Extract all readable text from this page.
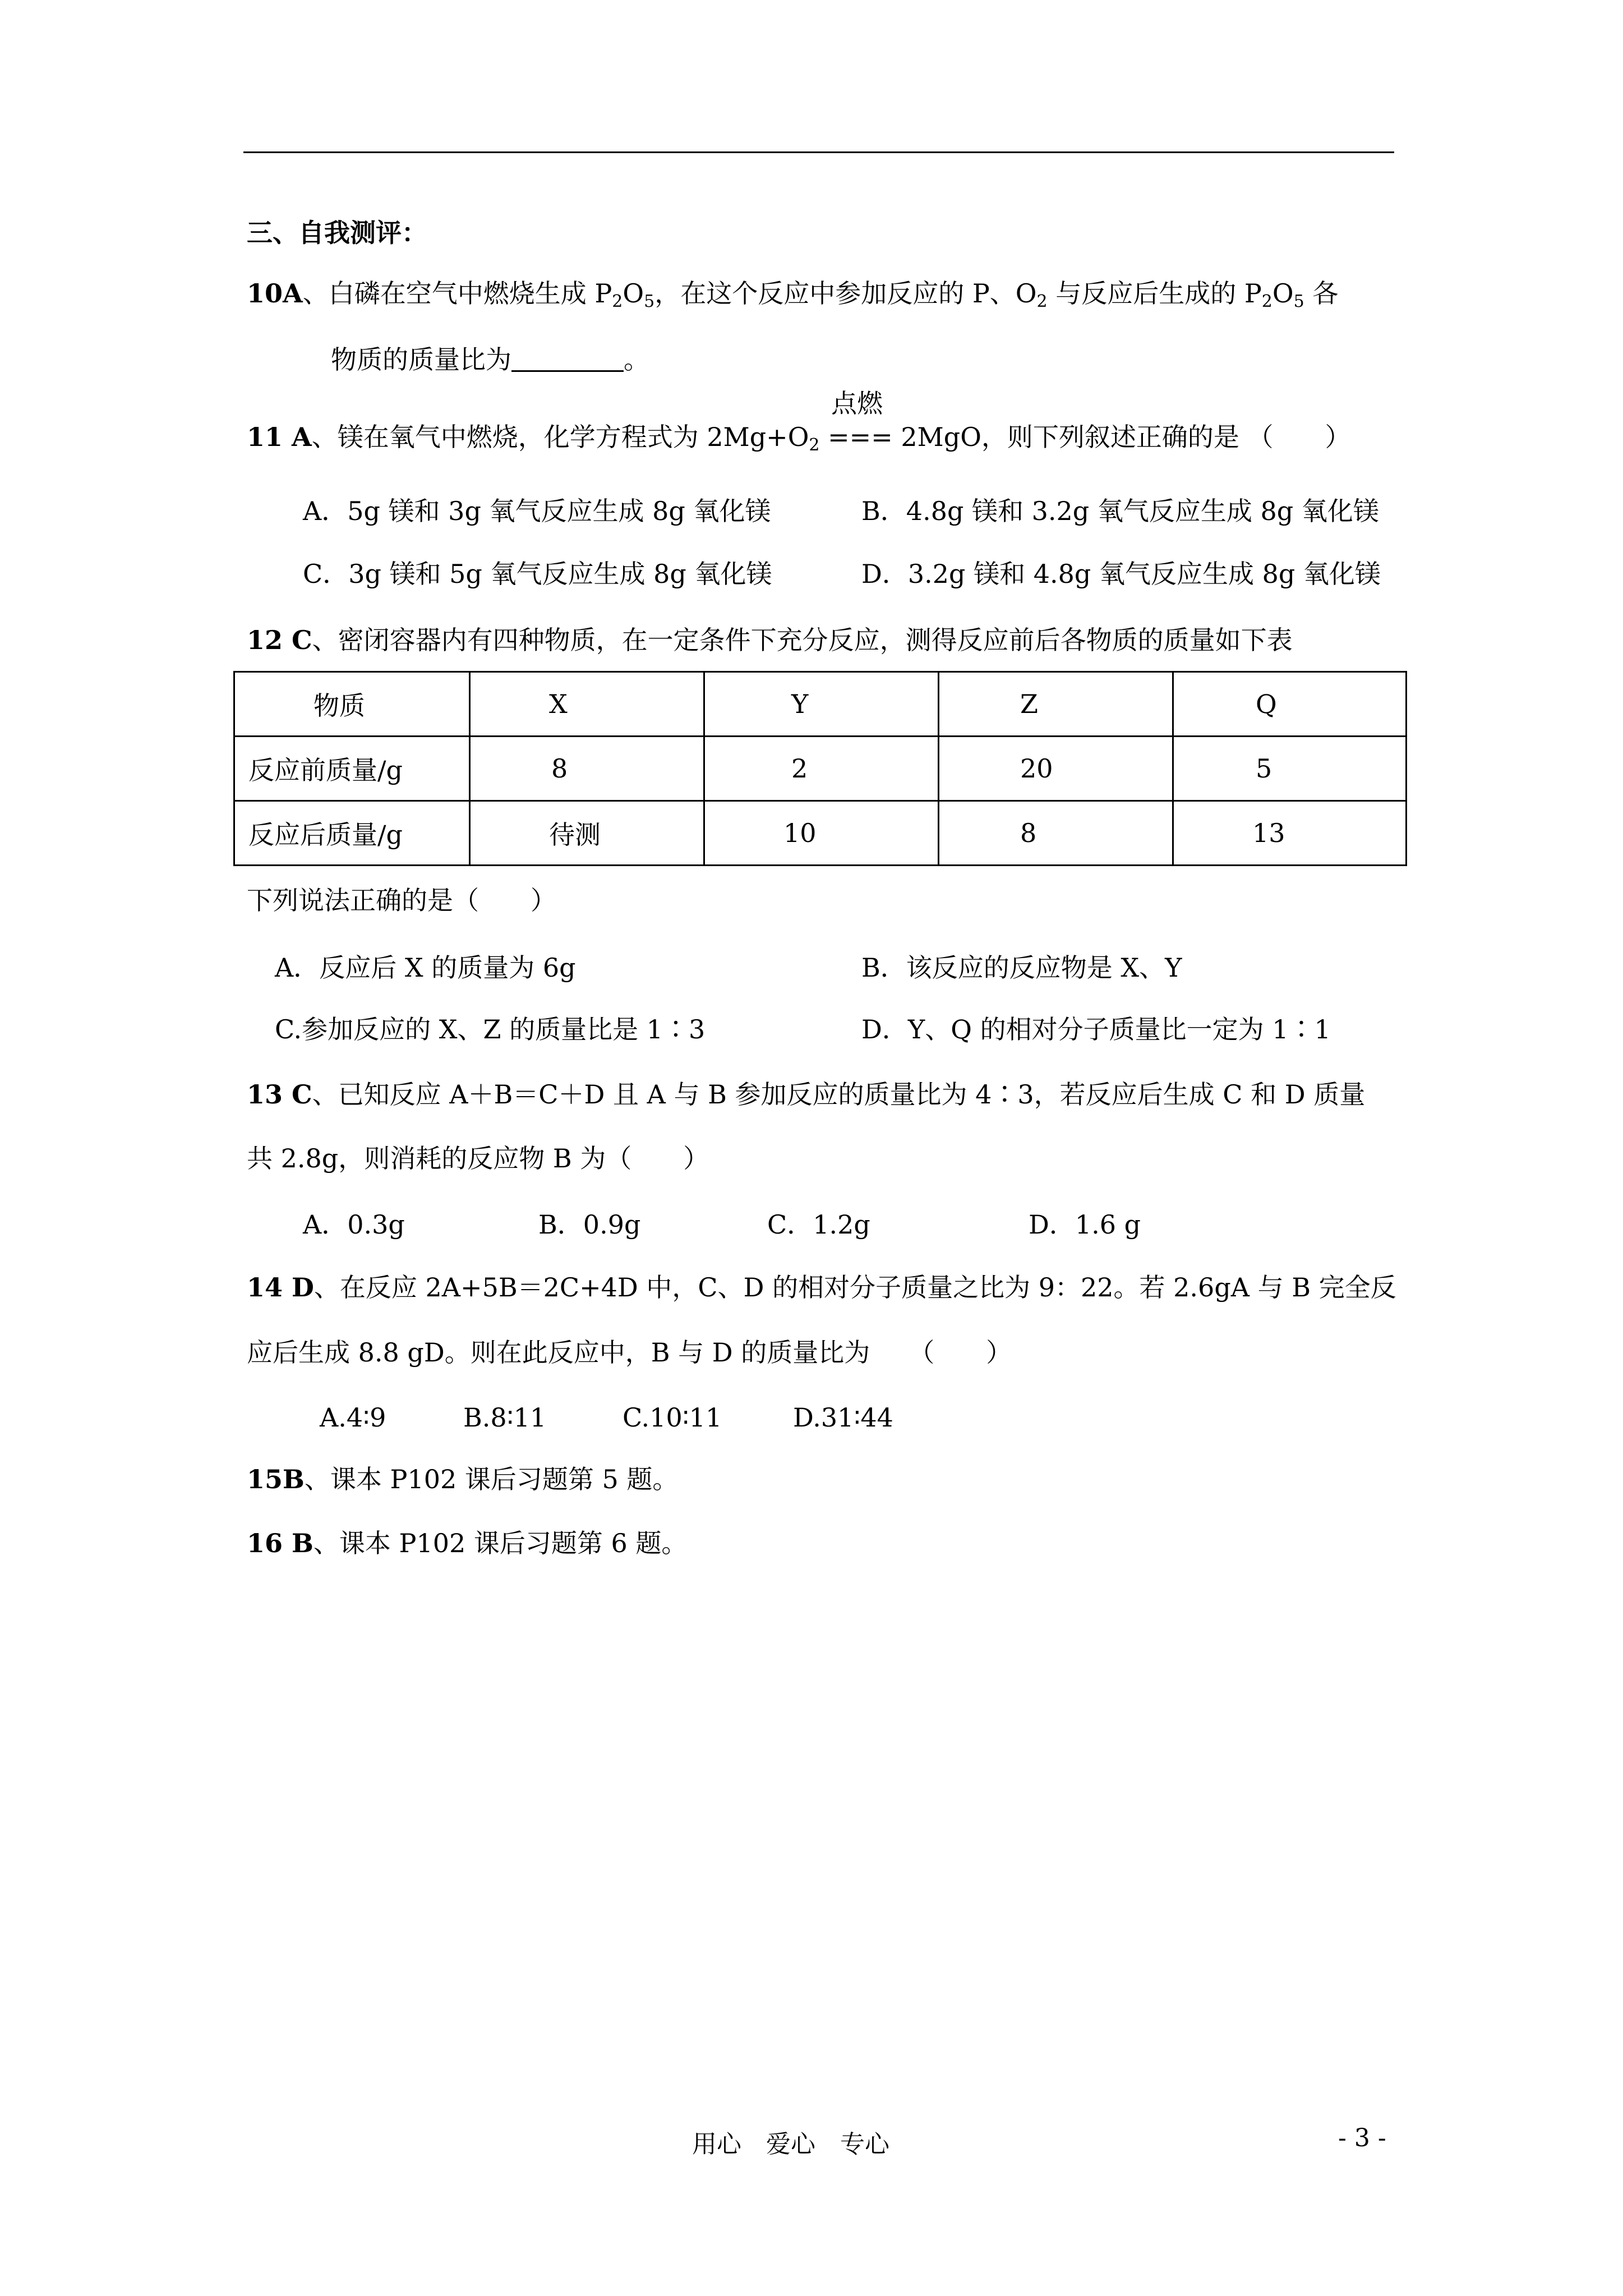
三、自我测评：
10A、白磷在空气中燃烧生成 $P_2O_5$，在这个反应中参加反应的 P、$O_2$ 与反应后生成的 $P_2O_5$ 各
物质的质量比为	。
11 A、镁在氧气中燃烧，化学方程式为 $2Mg+O_2$
点燃
=== 2MgO，则下列叙述正确的是 （　　）
A．5g 镁和 3g 氧气反应生成 8g 氧化镁	B．4.8g 镁和 3.2g 氧气反应生成 8g 氧化镁
C．3g 镁和 5g 氧气反应生成 8g 氧化镁	D．3.2g 镁和 4.8g 氧气反应生成 8g 氧化镁
12 C、密闭容器内有四种物质，在一定条件下充分反应，测得反应前后各物质的质量如下表
物质	X	Y	Z	Q
反应前质量/g	8	2	20	5
反应后质量/g	待测	10	8	13
下列说法正确的是（　　）
A．反应后 X 的质量为 6g	B．该反应的反应物是 X、Y
C.参加反应的 X、Z 的质量比是 1∶3	D．Y、Q 的相对分子质量比一定为 1∶1
13 C、已知反应 A＋B＝C＋D 且 A 与 B 参加反应的质量比为 4∶3，若反应后生成 C 和 D 质量
共 2.8g，则消耗的反应物 B 为（　　）
A．0.3g	B．0.9g	C．1.2g	D．1.6 g
14 D、在反应 2A+5B＝2C+4D 中，C、D 的相对分子质量之比为 9：22。若 2.6gA 与 B 完全反
应后生成 8.8 gD。则在此反应中，B 与 D 的质量比为　　（　　）
A.4∶9	B.8∶11	C.10∶11	D.31∶44
15B、课本 P102 课后习题第 5 题。
16 B、课本 P102 课后习题第 6 题。
用心　爱心　专心	- 3 -
